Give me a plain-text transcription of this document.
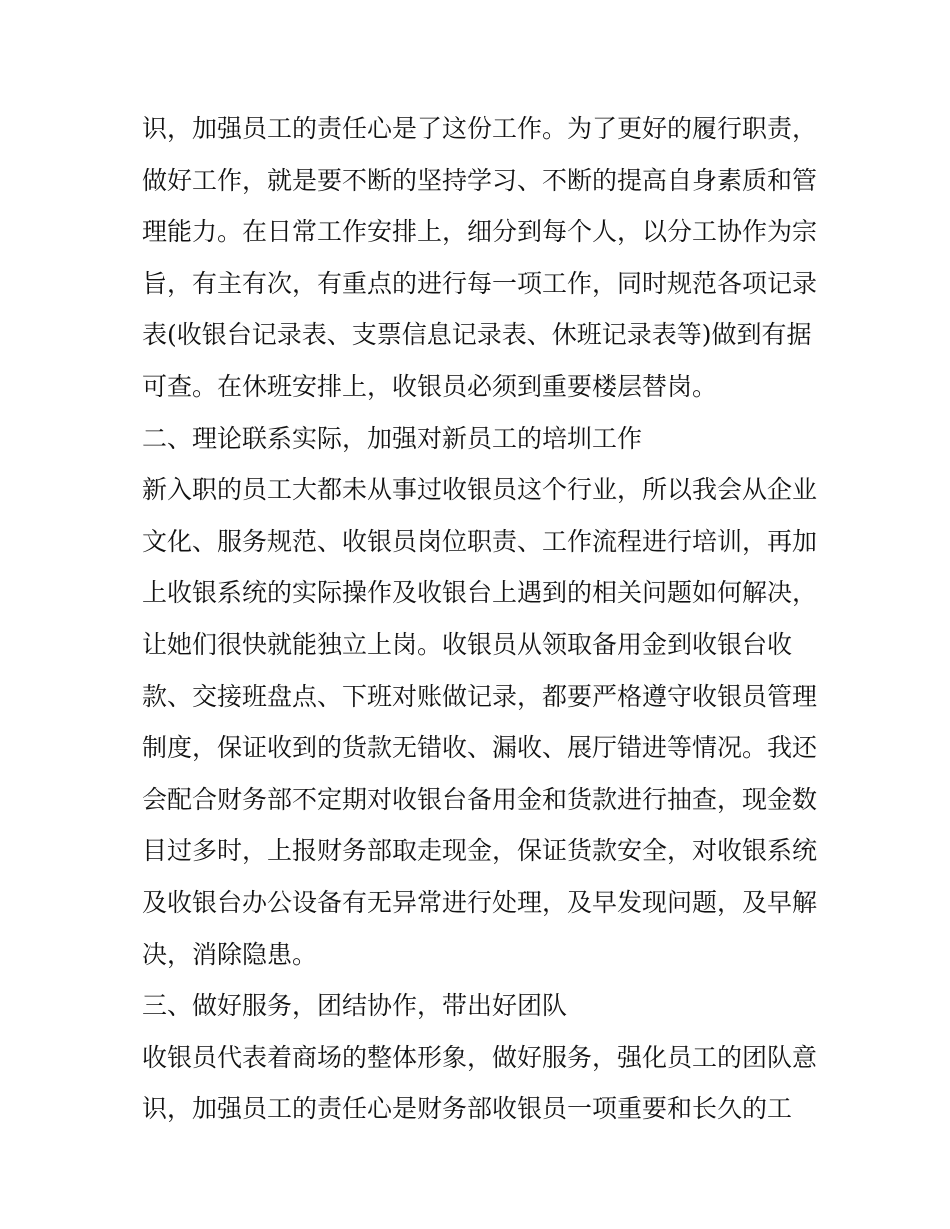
识，加强员工的责任心是了这份工作。为了更好的履行职责，
做好工作，就是要不断的坚持学习、不断的提高自身素质和管
理能力。在日常工作安排上，细分到每个人，以分工协作为宗
旨，有主有次，有重点的进行每一项工作，同时规范各项记录
表(收银台记录表、支票信息记录表、休班记录表等)做到有据
可查。在休班安排上，收银员必须到重要楼层替岗。
二、理论联系实际，加强对新员工的培圳工作
新入职的员工大都未从事过收银员这个行业，所以我会从企业
文化、服务规范、收银员岗位职责、工作流程进行培训，再加
上收银系统的实际操作及收银台上遇到的相关问题如何解决，
让她们很快就能独立上岗。收银员从领取备用金到收银台收
款、交接班盘点、下班对账做记录，都要严格遵守收银员管理
制度，保证收到的货款无错收、漏收、展厅错进等情况。我还
会配合财务部不定期对收银台备用金和货款进行抽查，现金数
目过多时，上报财务部取走现金，保证货款安全，对收银系统
及收银台办公设备有无异常进行处理，及早发现问题，及早解
决，消除隐患。
三、做好服务，团结协作，带出好团队
收银员代表着商场的整体形象，做好服务，强化员工的团队意
识，加强员工的责任心是财务部收银员一项重要和长久的工
